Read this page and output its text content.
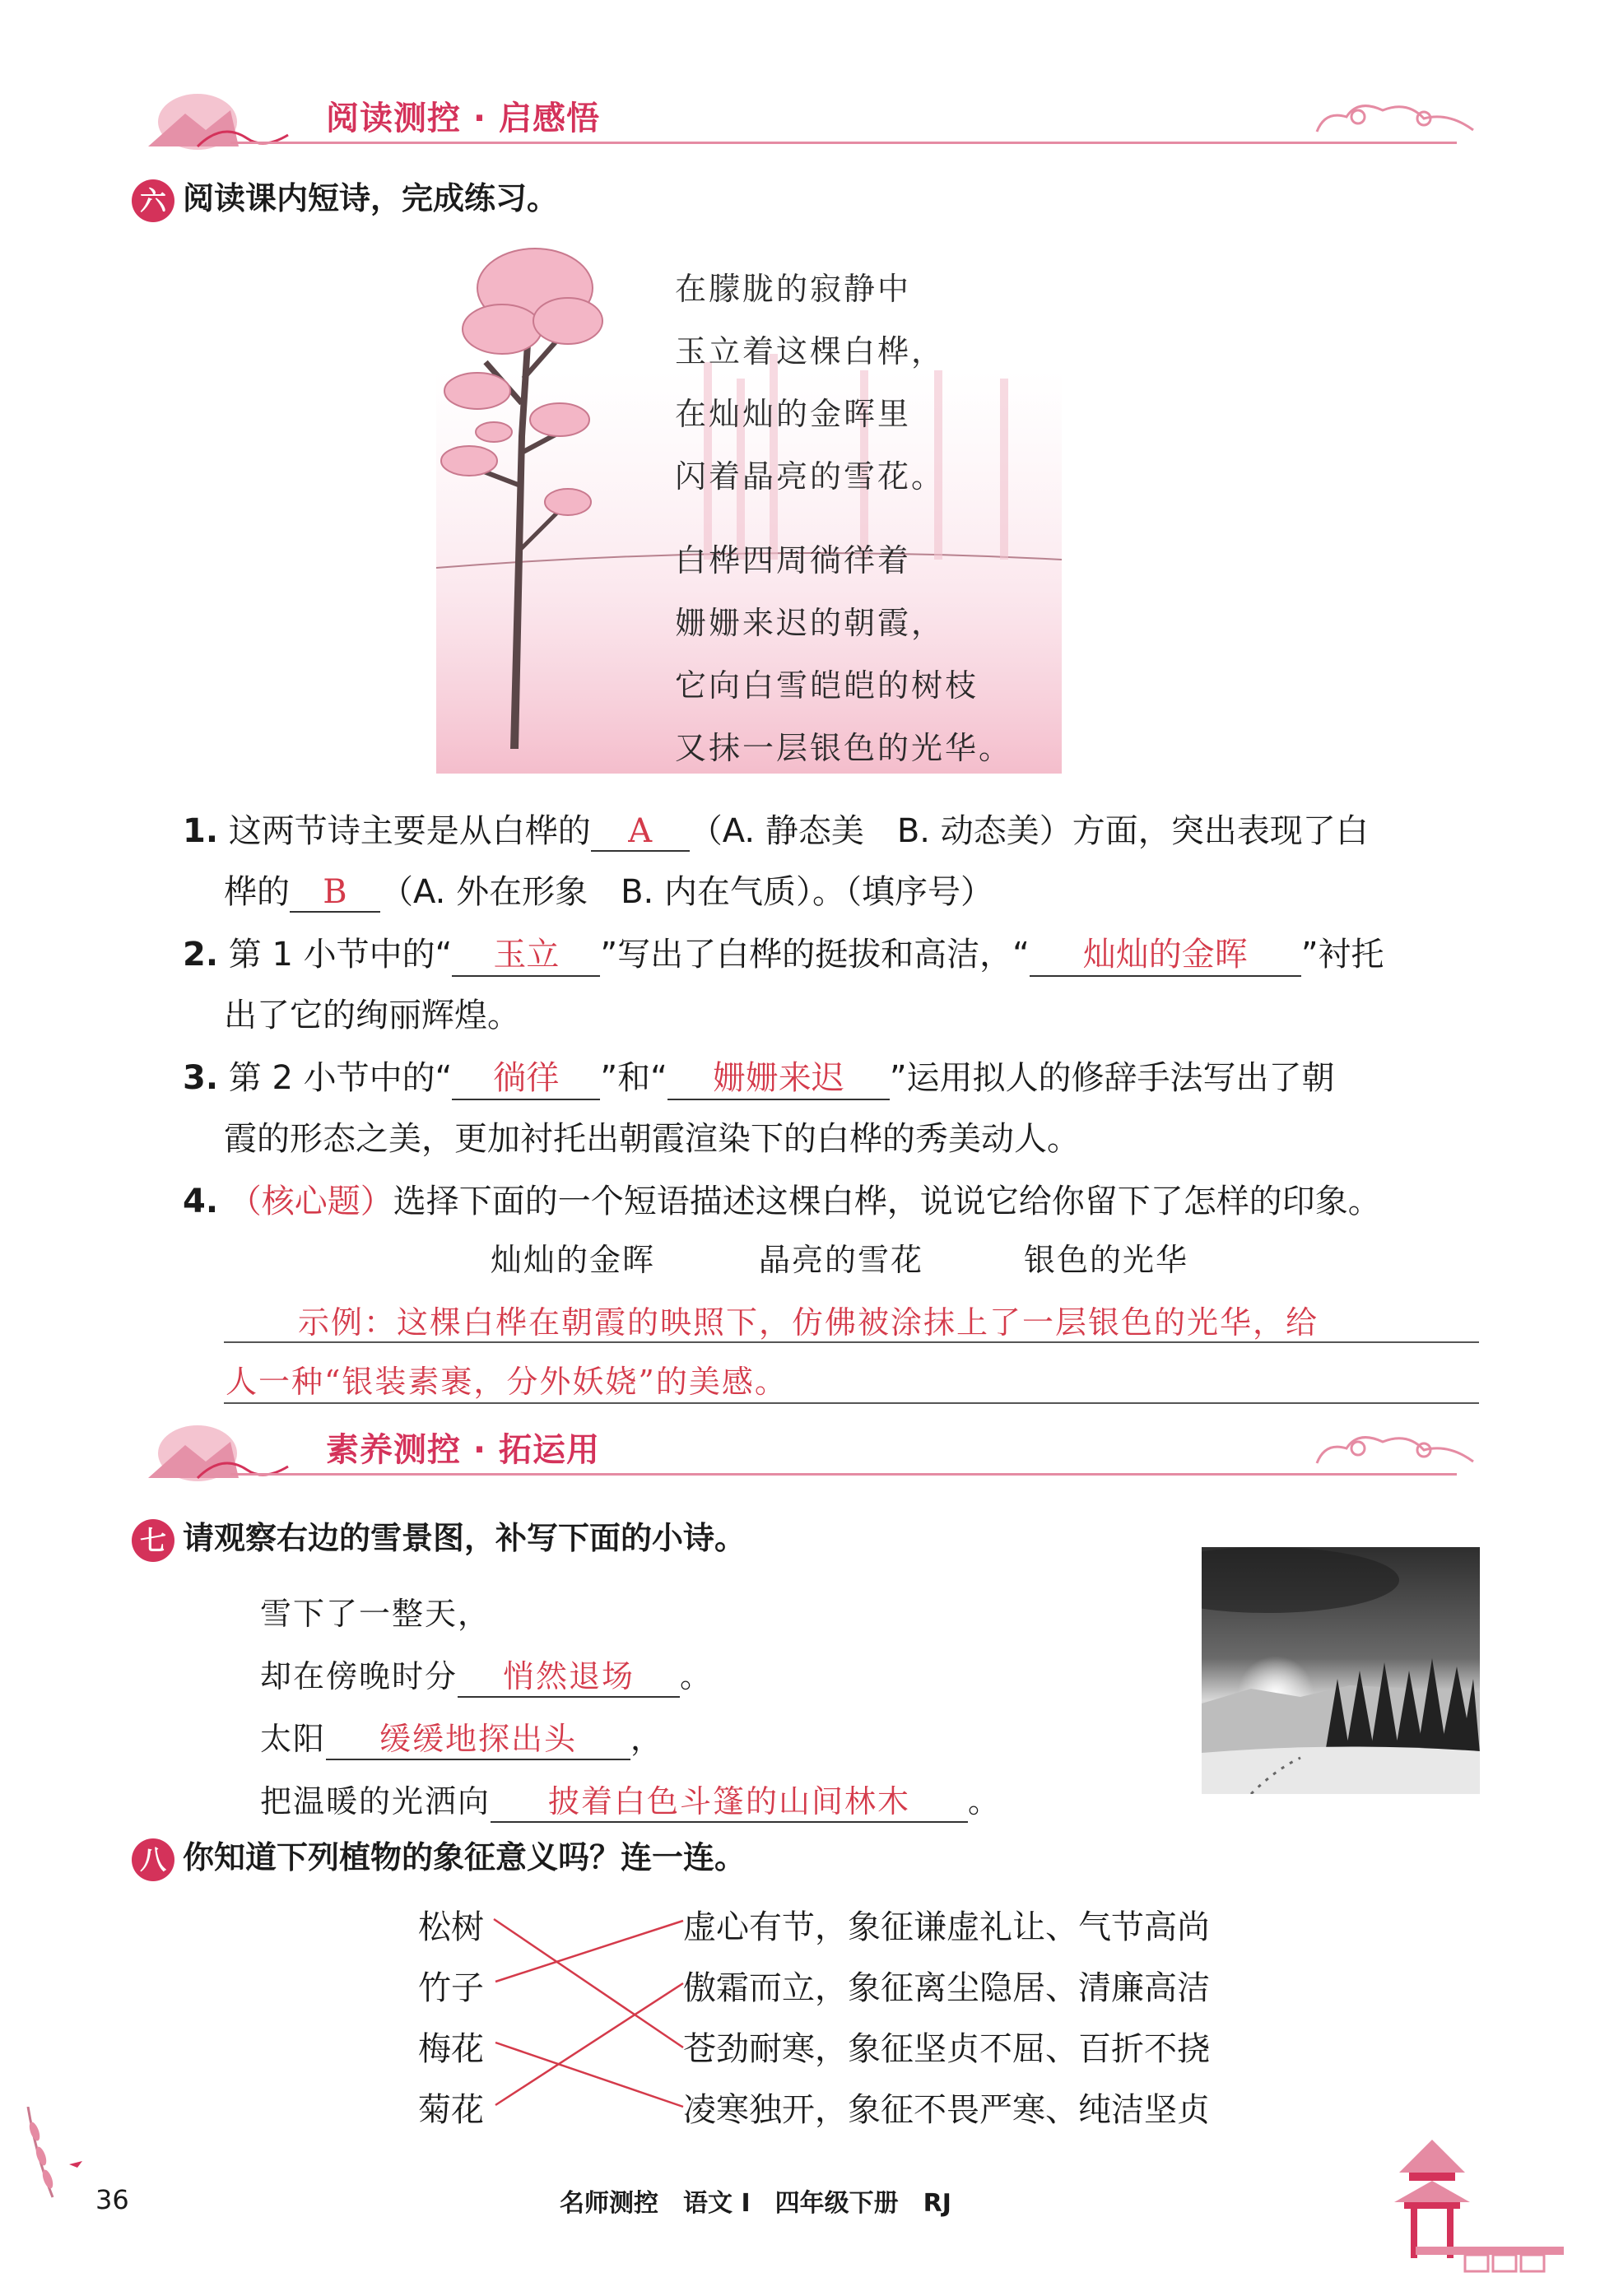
阅读测控 · 启感悟
六 阅读课内短诗，完成练习。
在朦胧的寂静中
玉立着这棵白桦，
在灿灿的金晖里
闪着晶亮的雪花。
白桦四周徜徉着
姗姗来迟的朝霞，
它向白雪皑皑的树枝
又抹一层银色的光华。
1. 这两节诗主要是从白桦的 A （A. 静态美　B. 动态美）方面，突出表现了白
桦的 B （A. 外在形象　B. 内在气质）。（填序号）
2. 第 1 小节中的“ 玉立 ”写出了白桦的挺拔和高洁，“ 灿灿的金晖 ”衬托
出了它的绚丽辉煌。
3. 第 2 小节中的“ 徜徉 ”和“ 姗姗来迟 ”运用拟人的修辞手法写出了朝
霞的形态之美，更加衬托出朝霞渲染下的白桦的秀美动人。
4. （核心题）选择下面的一个短语描述这棵白桦，说说它给你留下了怎样的印象。
灿灿的金晖	晶亮的雪花	银色的光华
示例：这棵白桦在朝霞的映照下，仿佛被涂抹上了一层银色的光华，给
人一种“银装素裹，分外妖娆”的美感。
素养测控 · 拓运用
七 请观察右边的雪景图，补写下面的小诗。
雪下了一整天，
却在傍晚时分 悄然退场 。
太阳 缓缓地探出头 ，
把温暖的光洒向 披着白色斗篷的山间林木 。
八 你知道下列植物的象征意义吗？连一连。
松树
竹子
梅花
菊花
虚心有节，象征谦虚礼让、气节高尚
傲霜而立，象征离尘隐居、清廉高洁
苍劲耐寒，象征坚贞不屈、百折不挠
凌寒独开，象征不畏严寒、纯洁坚贞
36	名师测控　语文 Ⅰ　四年级下册　RJ
